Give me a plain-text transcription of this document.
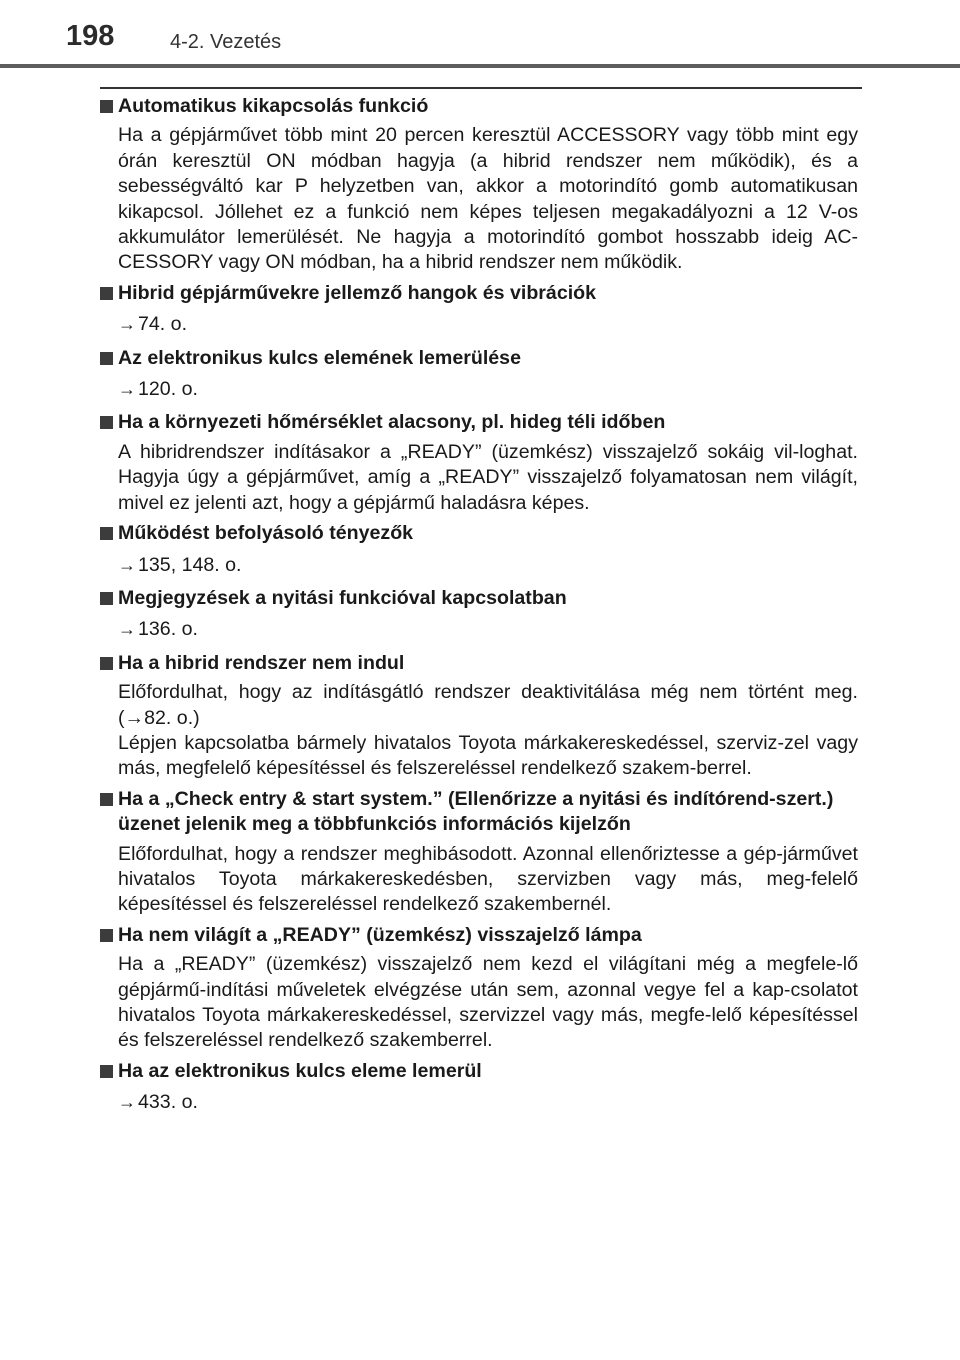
198	4-2. Vezetés
Automatikus kikapcsolás funkció
Ha a gépjárművet több mint 20 percen keresztül ACCESSORY vagy több mint egy órán keresztül ON módban hagyja (a hibrid rendszer nem működik), és a sebességváltó kar P helyzetben van, akkor a motorindító gomb automatikusan kikapcsol. Jóllehet ez a funkció nem képes teljesen megakadályozni a 12 V-os akkumulátor lemerülését. Ne hagyja a motorindító gombot hosszabb ideig AC-CESSORY vagy ON módban, ha a hibrid rendszer nem működik.
Hibrid gépjárművekre jellemző hangok és vibrációk
→ 74. o.
Az elektronikus kulcs elemének lemerülése
→ 120. o.
Ha a környezeti hőmérséklet alacsony, pl. hideg téli időben
A hibridrendszer indításakor a „READY” (üzemkész) visszajelző sokáig vil-loghat. Hagyja úgy a gépjárművet, amíg a „READY” visszajelző folyamatosan nem világít, mivel ez jelenti azt, hogy a gépjármű haladásra képes.
Működést befolyásoló tényezők
→ 135, 148. o.
Megjegyzések a nyitási funkcióval kapcsolatban
→ 136. o.
Ha a hibrid rendszer nem indul
Előfordulhat, hogy az indításgátló rendszer deaktivitálása még nem történt meg. (→82. o.)
Lépjen kapcsolatba bármely hivatalos Toyota márkakereskedéssel, szerviz-zel vagy más, megfelelő képesítéssel és felszereléssel rendelkező szakem-berrel.
Ha a „Check entry & start system.” (Ellenőrizze a nyitási és indítórend-szert.) üzenet jelenik meg a többfunkciós információs kijelzőn
Előfordulhat, hogy a rendszer meghibásodott. Azonnal ellenőriztesse a gép-járművet hivatalos Toyota márkakereskedésben, szervizben vagy más, meg-felelő képesítéssel és felszereléssel rendelkező szakembernél.
Ha nem világít a „READY” (üzemkész) visszajelző lámpa
Ha a „READY” (üzemkész) visszajelző nem kezd el világítani még a megfele-lő gépjármű-indítási műveletek elvégzése után sem, azonnal vegye fel a kap-csolatot hivatalos Toyota márkakereskedéssel, szervizzel vagy más, megfe-lelő képesítéssel és felszereléssel rendelkező szakemberrel.
Ha az elektronikus kulcs eleme lemerül
→ 433. o.
